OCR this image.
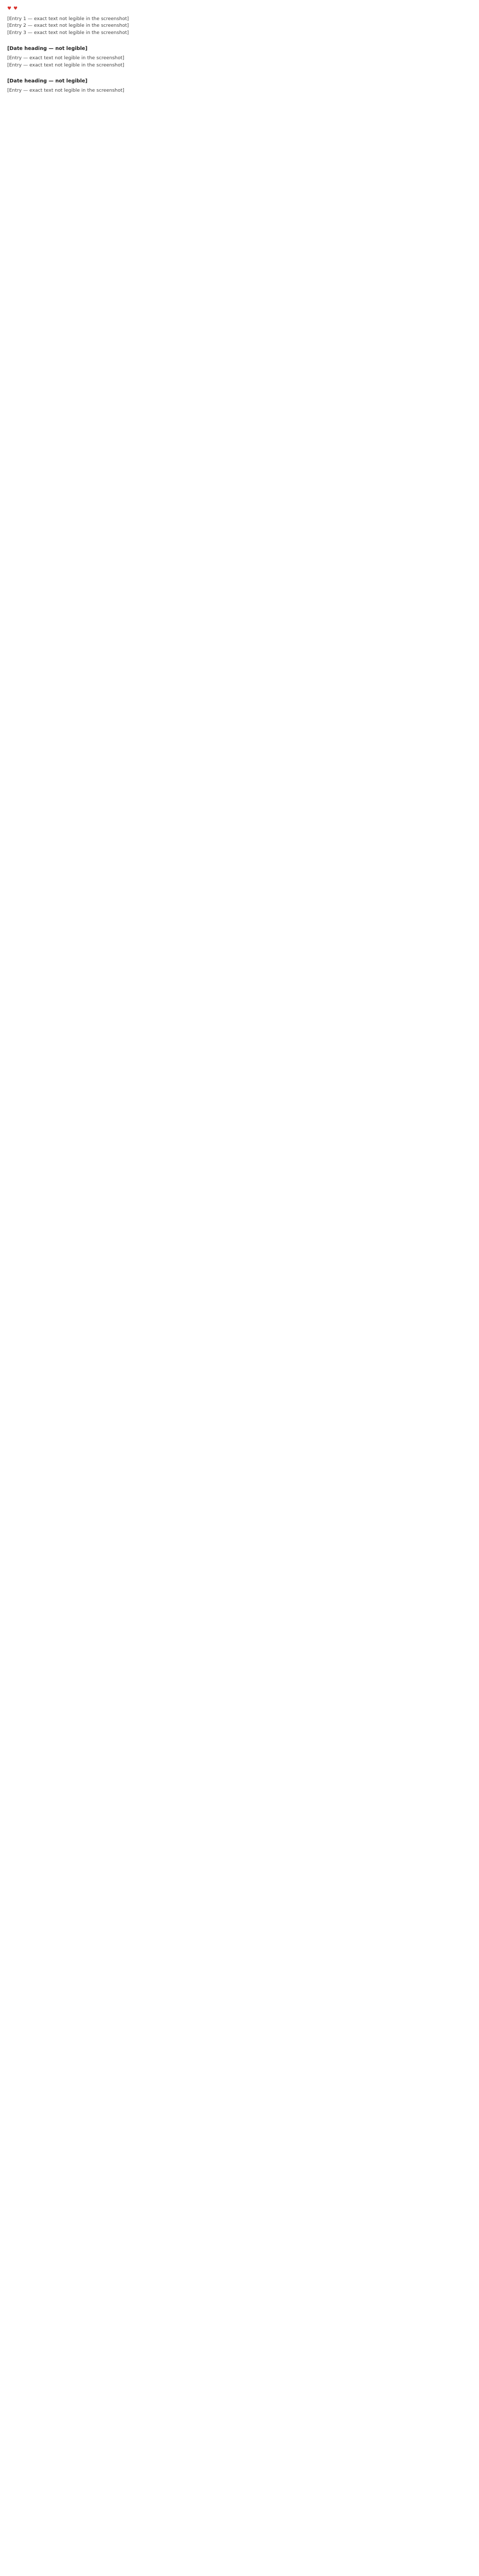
♥ ♥
[Entry 1 — exact text not legible in the screenshot]
[Entry 2 — exact text not legible in the screenshot]
[Entry 3 — exact text not legible in the screenshot]
[Date heading — not legible]
[Entry — exact text not legible in the screenshot]
[Entry — exact text not legible in the screenshot]
[Date heading — not legible]
[Entry — exact text not legible in the screenshot]
